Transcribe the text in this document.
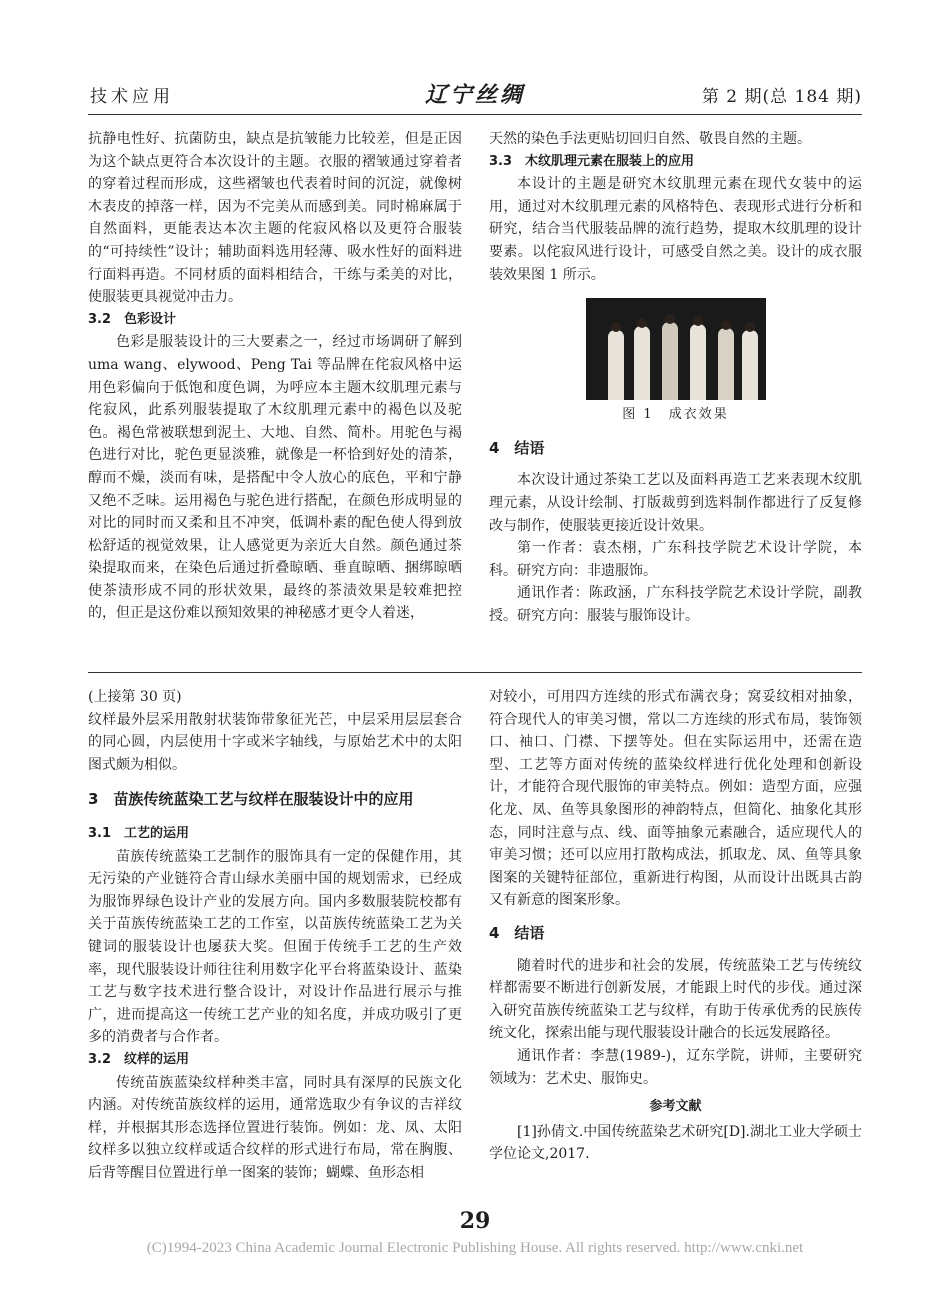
技术应用	辽宁丝绸	第 2 期(总 184 期)

抗静电性好、抗菌防虫，缺点是抗皱能力比较差，但是正因为这个缺点更符合本次设计的主题。衣服的褶皱通过穿着者的穿着过程而形成，这些褶皱也代表着时间的沉淀，就像树木表皮的掉落一样，因为不完美从而感到美。同时棉麻属于自然面料，更能表达本次主题的侘寂风格以及更符合服装的“可持续性”设计；辅助面料选用轻薄、吸水性好的面料进行面料再造。不同材质的面料相结合，干练与柔美的对比，使服装更具视觉冲击力。

3.2　色彩设计

色彩是服装设计的三大要素之一，经过市场调研了解到 uma wang、elywood、Peng Tai 等品牌在侘寂风格中运用色彩偏向于低饱和度色调，为呼应本主题木纹肌理元素与侘寂风，此系列服装提取了木纹肌理元素中的褐色以及驼色。褐色常被联想到泥土、大地、自然、简朴。用驼色与褐色进行对比，驼色更显淡雅，就像是一杯恰到好处的清茶，醇而不燥，淡而有味，是搭配中令人放心的底色，平和宁静又绝不乏味。运用褐色与驼色进行搭配，在颜色形成明显的对比的同时而又柔和且不冲突，低调朴素的配色使人得到放松舒适的视觉效果，让人感觉更为亲近大自然。颜色通过茶染提取而来，在染色后通过折叠晾晒、垂直晾晒、捆绑晾晒使茶渍形成不同的形状效果，最终的茶渍效果是较难把控的，但正是这份难以预知效果的神秘感才更令人着迷，

天然的染色手法更贴切回归自然、敬畏自然的主题。

3.3　木纹肌理元素在服装上的应用

本设计的主题是研究木纹肌理元素在现代女装中的运用，通过对木纹肌理元素的风格特色、表现形式进行分析和研究，结合当代服装品牌的流行趋势，提取木纹肌理的设计要素。以侘寂风进行设计，可感受自然之美。设计的成衣服装效果图 1 所示。

图 1　成衣效果
4　结语

本次设计通过茶染工艺以及面料再造工艺来表现木纹肌理元素，从设计绘制、打版裁剪到选料制作都进行了反复修改与制作，使服装更接近设计效果。

第一作者：袁杰栩，广东科技学院艺术设计学院，本科。研究方向：非遗服饰。

通讯作者：陈政涵，广东科技学院艺术设计学院，副教授。研究方向：服装与服饰设计。

(上接第 30 页)

纹样最外层采用散射状装饰带象征光芒，中层采用层层套合的同心圆，内层使用十字或米字轴线，与原始艺术中的太阳图式颇为相似。

3　苗族传统蓝染工艺与纹样在服装设计中的应用
3.1　工艺的运用

苗族传统蓝染工艺制作的服饰具有一定的保健作用，其无污染的产业链符合青山绿水美丽中国的规划需求，已经成为服饰界绿色设计产业的发展方向。国内多数服装院校都有关于苗族传统蓝染工艺的工作室，以苗族传统蓝染工艺为关键词的服装设计也屡获大奖。但囿于传统手工艺的生产效率，现代服装设计师往往利用数字化平台将蓝染设计、蓝染工艺与数字技术进行整合设计，对设计作品进行展示与推广，进而提高这一传统工艺产业的知名度，并成功吸引了更多的消费者与合作者。

3.2　纹样的运用

传统苗族蓝染纹样种类丰富，同时具有深厚的民族文化内涵。对传统苗族纹样的运用，通常选取少有争议的吉祥纹样，并根据其形态选择位置进行装饰。例如：龙、凤、太阳纹样多以独立纹样或适合纹样的形式进行布局，常在胸腹、后背等醒目位置进行单一图案的装饰；蝴蝶、鱼形态相

对较小，可用四方连续的形式布满衣身；窝妥纹相对抽象，符合现代人的审美习惯，常以二方连续的形式布局，装饰领口、袖口、门襟、下摆等处。但在实际运用中，还需在造型、工艺等方面对传统的蓝染纹样进行优化处理和创新设计，才能符合现代服饰的审美特点。例如：造型方面，应强化龙、凤、鱼等具象图形的神韵特点，但简化、抽象化其形态，同时注意与点、线、面等抽象元素融合，适应现代人的审美习惯；还可以应用打散构成法，抓取龙、凤、鱼等具象图案的关键特征部位，重新进行构图，从而设计出既具古韵又有新意的图案形象。

4　结语

随着时代的进步和社会的发展，传统蓝染工艺与传统纹样都需要不断进行创新发展，才能跟上时代的步伐。通过深入研究苗族传统蓝染工艺与纹样，有助于传承优秀的民族传统文化，探索出能与现代服装设计融合的长远发展路径。

通讯作者：李慧(1989-)，辽东学院，讲师，主要研究领域为：艺术史、服饰史。

参考文献

[1]孙倩文.中国传统蓝染艺术研究[D].湖北工业大学硕士学位论文,2017.

29
(C)1994-2023 China Academic Journal Electronic Publishing House. All rights reserved. http://www.cnki.net
